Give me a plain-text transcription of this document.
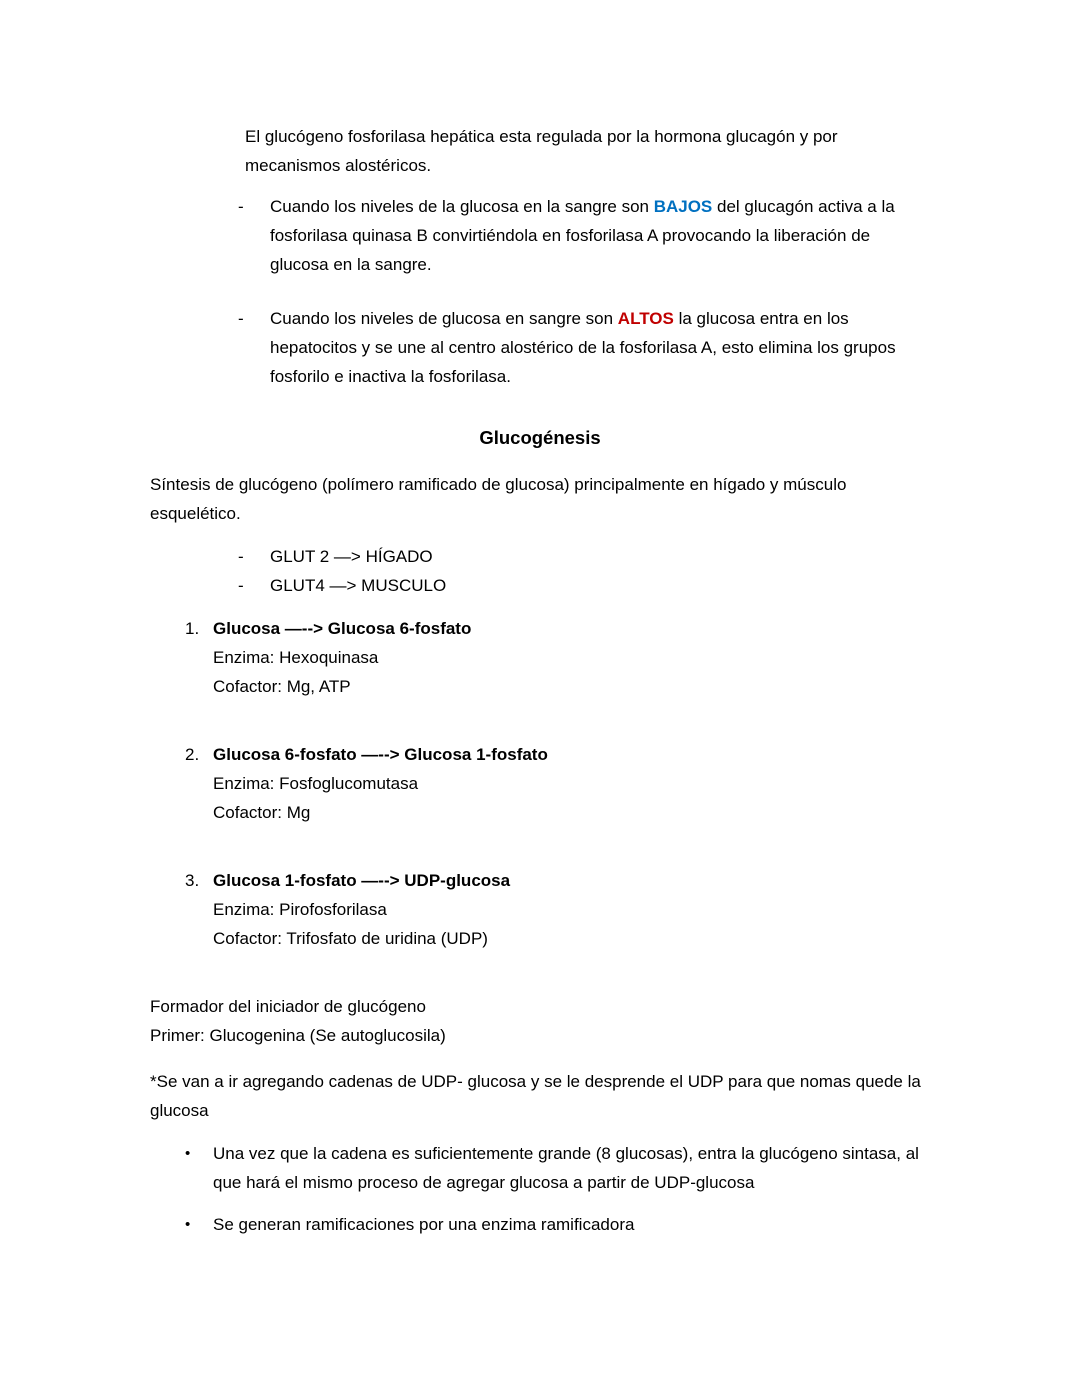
El glucógeno fosforilasa hepática esta regulada por la hormona glucagón y por mecanismos alostéricos.

-	Cuando los niveles de la glucosa en la sangre son BAJOS del glucagón activa a la fosforilasa quinasa B convirtiéndola en fosforilasa A provocando la liberación de glucosa en la sangre.
-	Cuando los niveles de glucosa en sangre son ALTOS la glucosa entra en los hepatocitos y se une al centro alostérico de la fosforilasa A, esto elimina los grupos fosforilo e inactiva la fosforilasa.
Glucogénesis

Síntesis de glucógeno (polímero ramificado de glucosa) principalmente en hígado y músculo esquelético.

-	GLUT 2 —> HÍGADO
-	GLUT4 —> MUSCULO
1. Glucosa —--> Glucosa 6-fosfato
Enzima: Hexoquinasa
Cofactor: Mg, ATP
2. Glucosa 6-fosfato —--> Glucosa 1-fosfato
Enzima: Fosfoglucomutasa
Cofactor: Mg
3. Glucosa 1-fosfato —--> UDP-glucosa
Enzima: Pirofosforilasa
Cofactor: Trifosfato de uridina (UDP)
Formador del iniciador de glucógeno
Primer: Glucogenina (Se autoglucosila)

*Se van a ir agregando cadenas de UDP- glucosa y se le desprende el UDP para que nomas quede la glucosa

•	Una vez que la cadena es suficientemente grande (8 glucosas), entra la glucógeno sintasa, al que hará el mismo proceso de agregar glucosa a partir de UDP-glucosa
•	Se generan ramificaciones por una enzima ramificadora
